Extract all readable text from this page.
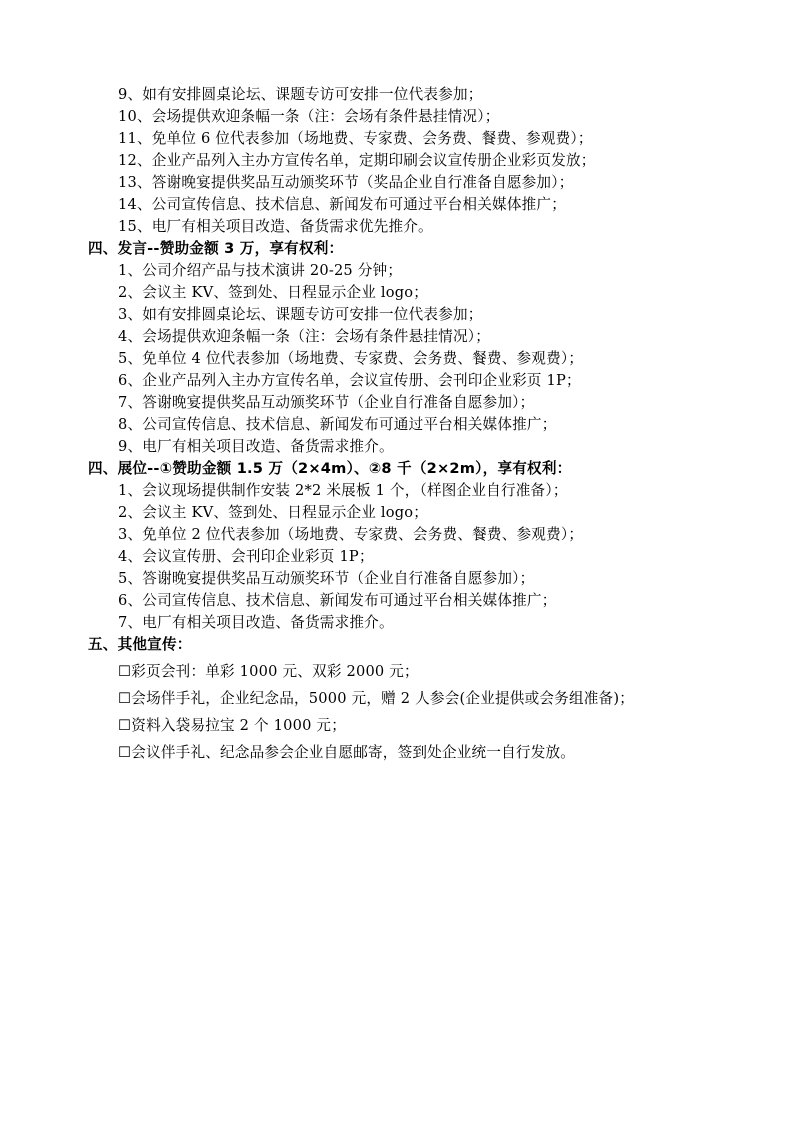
9、如有安排圆桌论坛、课题专访可安排一位代表参加；
10、会场提供欢迎条幅一条（注：会场有条件悬挂情况）；
11、免单位 6 位代表参加（场地费、专家费、会务费、餐费、参观费）；
12、企业产品列入主办方宣传名单，定期印刷会议宣传册企业彩页发放；
13、答谢晚宴提供奖品互动颁奖环节（奖品企业自行准备自愿参加）；
14、公司宣传信息、技术信息、新闻发布可通过平台相关媒体推广；
15、电厂有相关项目改造、备货需求优先推介。
四、发言--赞助金额 3 万，享有权利：
1、公司介绍产品与技术演讲 20-25 分钟；
2、会议主 KV、签到处、日程显示企业 logo；
3、如有安排圆桌论坛、课题专访可安排一位代表参加；
4、会场提供欢迎条幅一条（注：会场有条件悬挂情况）；
5、免单位 4 位代表参加（场地费、专家费、会务费、餐费、参观费）；
6、企业产品列入主办方宣传名单，会议宣传册、会刊印企业彩页 1P；
7、答谢晚宴提供奖品互动颁奖环节（企业自行准备自愿参加）；
8、公司宣传信息、技术信息、新闻发布可通过平台相关媒体推广；
9、电厂有相关项目改造、备货需求推介。
四、展位--①赞助金额 1.5 万（2×4m）、②8 千（2×2m），享有权利：
1、会议现场提供制作安装 2*2 米展板 1 个，（样图企业自行准备）；
2、会议主 KV、签到处、日程显示企业 logo；
3、免单位 2 位代表参加（场地费、专家费、会务费、餐费、参观费）；
4、会议宣传册、会刊印企业彩页 1P；
5、答谢晚宴提供奖品互动颁奖环节（企业自行准备自愿参加）；
6、公司宣传信息、技术信息、新闻发布可通过平台相关媒体推广；
7、电厂有相关项目改造、备货需求推介。
五、其他宣传：
☐彩页会刊：单彩 1000 元、双彩 2000 元；
☐会场伴手礼，企业纪念品，5000 元，赠 2 人参会(企业提供或会务组准备)；
☐资料入袋易拉宝 2 个 1000 元；
☐会议伴手礼、纪念品参会企业自愿邮寄，签到处企业统一自行发放。
